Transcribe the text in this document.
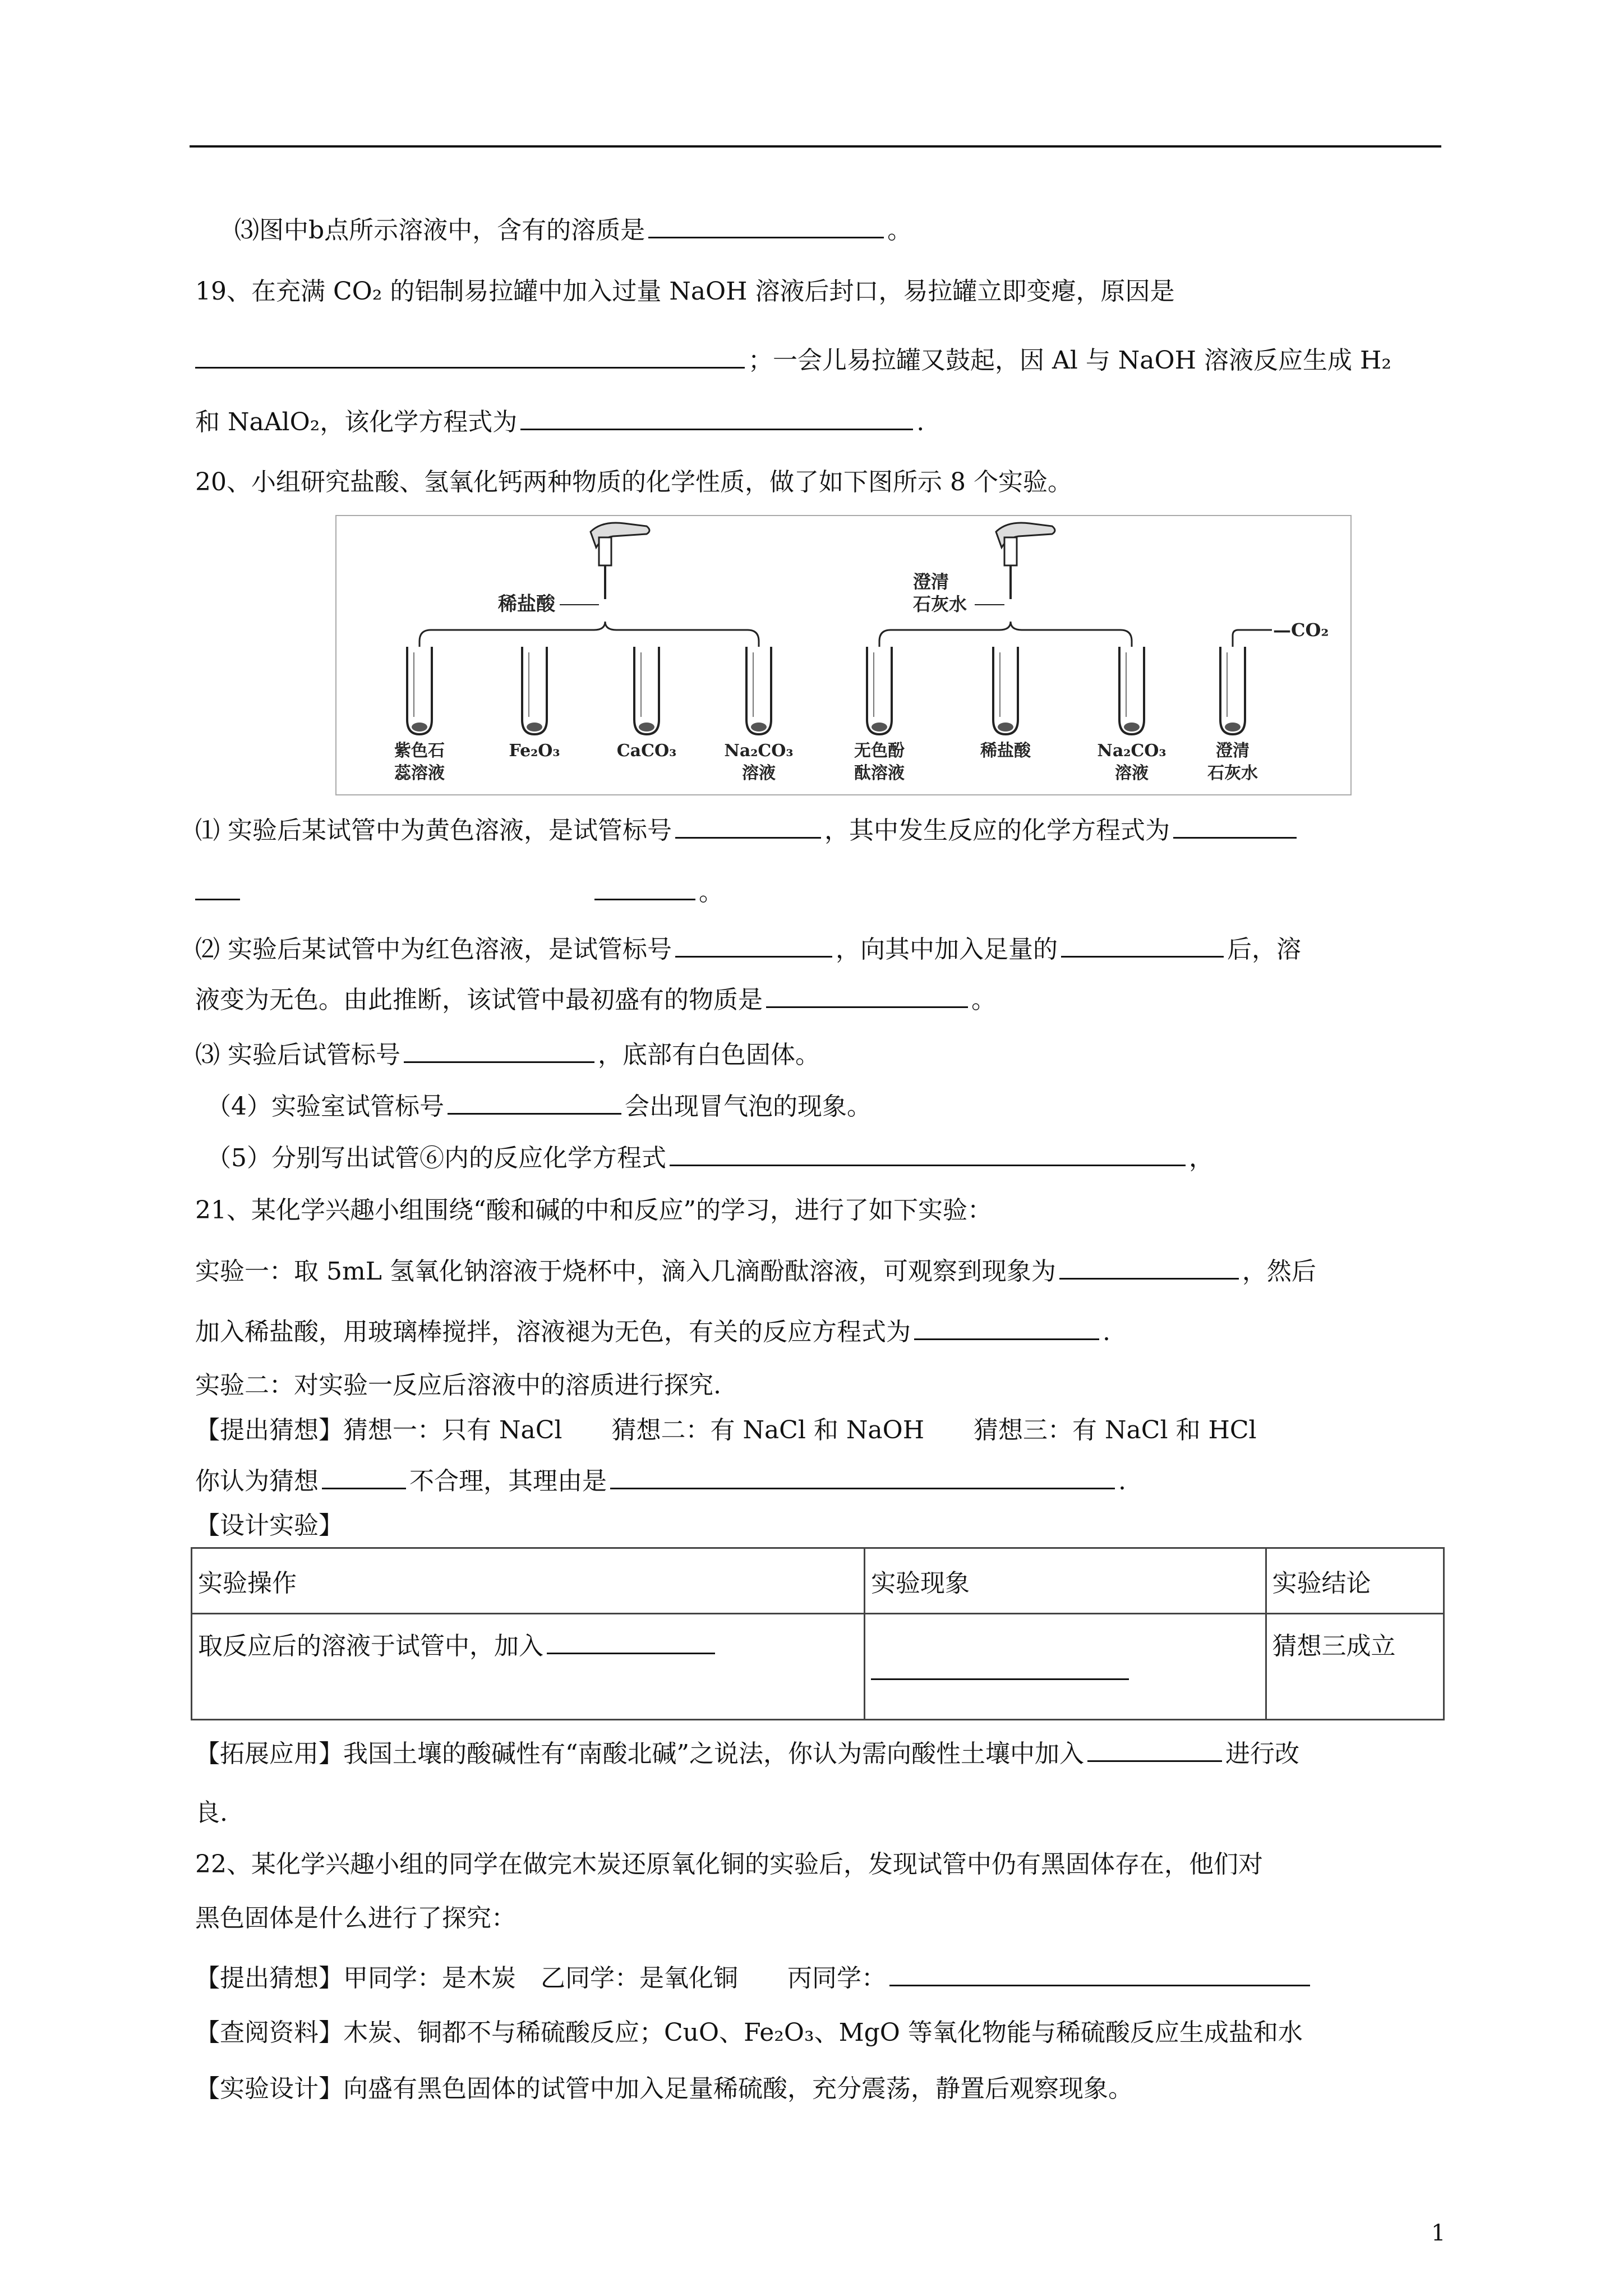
⑶图中b点所示溶液中，含有的溶质是	。
19、在充满 CO₂ 的铝制易拉罐中加入过量 NaOH 溶液后封口，易拉罐立即变瘪，原因是
；一会儿易拉罐又鼓起，因 Al 与 NaOH 溶液反应生成 H₂
和 NaAlO₂，该化学方程式为	.
20、小组研究盐酸、氢氧化钙两种物质的化学性质，做了如下图所示 8 个实验。
稀盐酸
澄清
石灰水
—CO₂
紫色石
蕊溶液
Fe₂O₃	CaCO₃	Na₂CO₃
溶液
无色酚
酞溶液
稀盐酸	Na₂CO₃
溶液
澄清
石灰水
⑴ 实验后某试管中为黄色溶液，是试管标号	，其中发生反应的化学方程式为
。
⑵ 实验后某试管中为红色溶液，是试管标号	，向其中加入足量的	后，溶
液变为无色。由此推断，该试管中最初盛有的物质是	。
⑶ 实验后试管标号	，底部有白色固体。
（4）实验室试管标号	会出现冒气泡的现象。
（5）分别写出试管⑥内的反应化学方程式	，
21、某化学兴趣小组围绕“酸和碱的中和反应”的学习，进行了如下实验：
实验一：取 5mL 氢氧化钠溶液于烧杯中，滴入几滴酚酞溶液，可观察到现象为	，然后
加入稀盐酸，用玻璃棒搅拌，溶液褪为无色，有关的反应方程式为	.
实验二：对实验一反应后溶液中的溶质进行探究.
【提出猜想】猜想一：只有 NaCl　　猜想二：有 NaCl 和 NaOH　　猜想三：有 NaCl 和 HCl
你认为猜想	不合理，其理由是	.
【设计实验】
实验操作	实验现象	实验结论
取反应后的溶液于试管中，加入		猜想三成立
【拓展应用】我国土壤的酸碱性有“南酸北碱”之说法，你认为需向酸性土壤中加入	进行改
良.
22、某化学兴趣小组的同学在做完木炭还原氧化铜的实验后，发现试管中仍有黑固体存在，他们对
黑色固体是什么进行了探究：
【提出猜想】甲同学：是木炭　乙同学：是氧化铜　　丙同学：
【查阅资料】木炭、铜都不与稀硫酸反应；CuO、Fe₂O₃、MgO 等氧化物能与稀硫酸反应生成盐和水
【实验设计】向盛有黑色固体的试管中加入足量稀硫酸，充分震荡，静置后观察现象。
1
